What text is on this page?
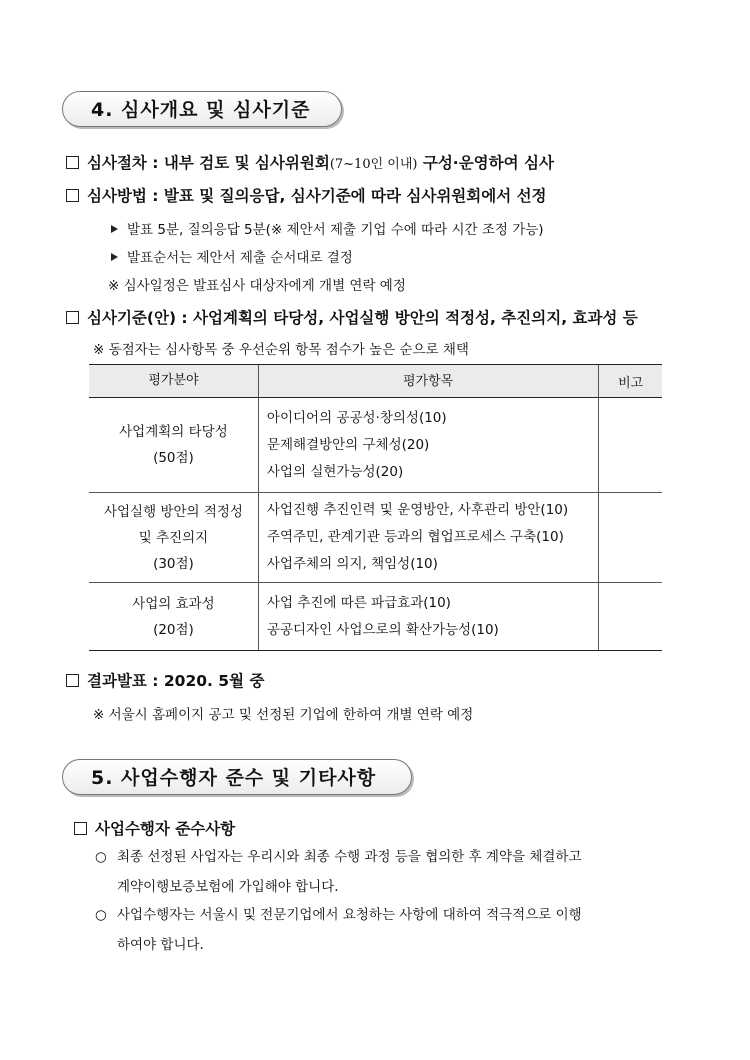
4. 심사개요 및 심사기준
심사절차 : 내부 검토 및 심사위원회(7~10인 이내) 구성·운영하여 심사
심사방법 : 발표 및 질의응답, 심사기준에 따라 심사위원회에서 선정
발표 5분, 질의응답 5분(※ 제안서 제출 기업 수에 따라 시간 조정 가능)
발표순서는 제안서 제출 순서대로 결정
※ 심사일정은 발표심사 대상자에게 개별 연락 예정
심사기준(안) : 사업계획의 타당성, 사업실행 방안의 적정성, 추진의지, 효과성 등
※ 동점자는 심사항목 중 우선순위 항목 점수가 높은 순으로 채택
평가분야	평가항목	비고

사업계획의 타당성
(50점)	아이디어의 공공성·창의성(10)
문제해결방안의 구체성(20)
사업의 실현가능성(20)	

사업실행 방안의 적정성
및 추진의지
(30점)	사업진행 추진인력 및 운영방안, 사후관리 방안(10)
주역주민, 관계기관 등과의 협업프로세스 구축(10)
사업주체의 의지, 책임성(10)	

사업의 효과성
(20점)	사업 추진에 따른 파급효과(10)
공공디자인 사업으로의 확산가능성(10)	

결과발표 : 2020. 5월 중
※ 서울시 홈페이지 공고 및 선정된 기업에 한하여 개별 연락 예정
5. 사업수행자 준수 및 기타사항
사업수행자 준수사항
○ 최종 선정된 사업자는 우리시와 최종 수행 과정 등을 협의한 후 계약을 체결하고
계약이행보증보험에 가입해야 합니다.
○ 사업수행자는 서울시 및 전문기업에서 요청하는 사항에 대하여 적극적으로 이행
하여야 합니다.
